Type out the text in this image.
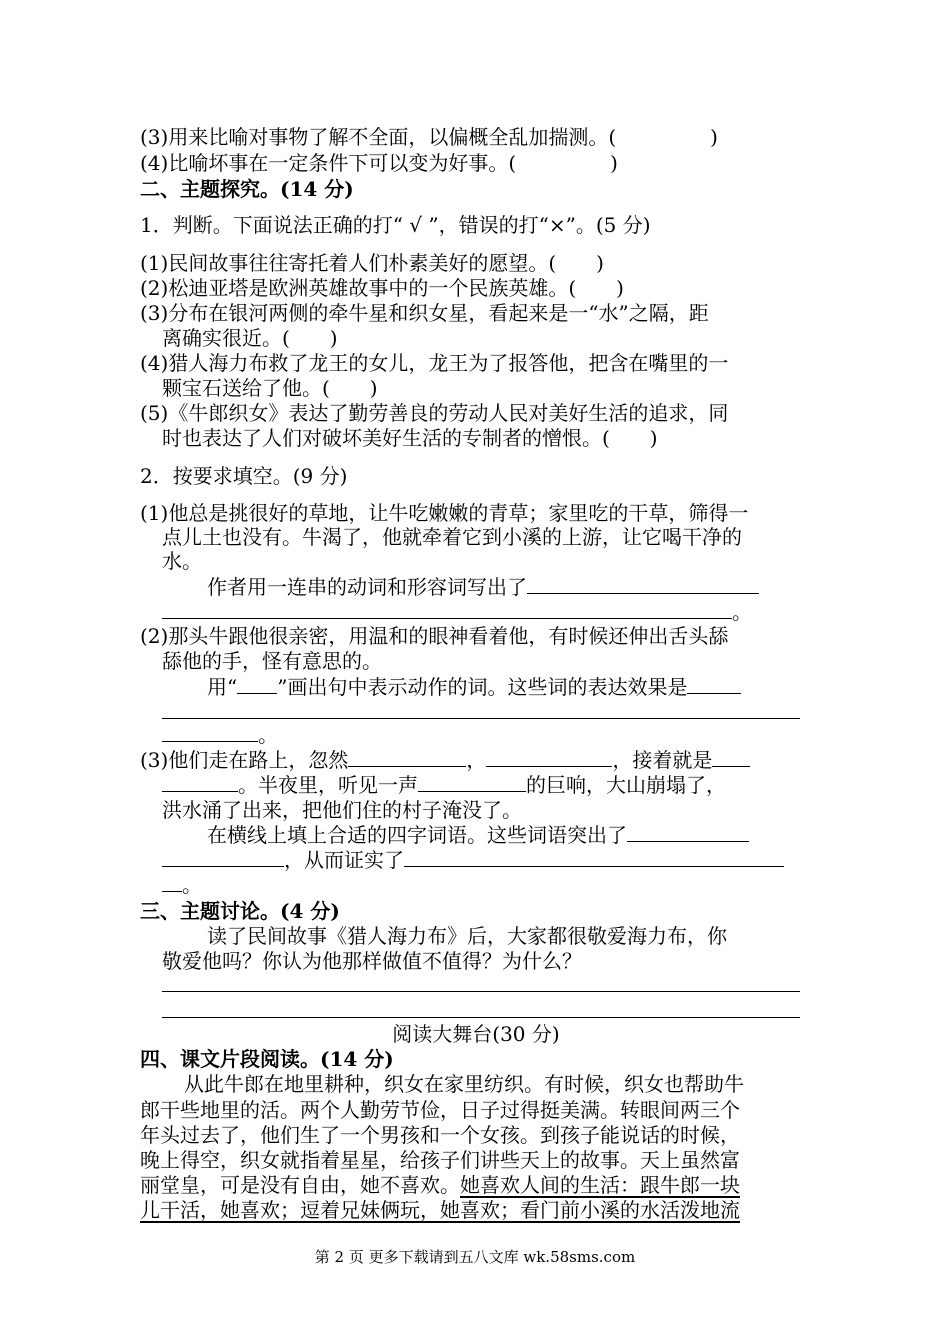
(3)用来比喻对事物了解不全面，以偏概全乱加揣测。(	)
(4)比喻坏事在一定条件下可以变为好事。(	)
二、主题探究。(14 分)
1．判断。下面说法正确的打“ √ ”，错误的打“×”。(5 分)
(1)民间故事往往寄托着人们朴素美好的愿望。(　　)
(2)松迪亚塔是欧洲英雄故事中的一个民族英雄。(　　)
(3)分布在银河两侧的牵牛星和织女星，看起来是一“水”之隔，距
离确实很近。(　　)
(4)猎人海力布救了龙王的女儿，龙王为了报答他，把含在嘴里的一
颗宝石送给了他。(　　)
(5)《牛郎织女》表达了勤劳善良的劳动人民对美好生活的追求，同
时也表达了人们对破坏美好生活的专制者的憎恨。(　　)
2．按要求填空。(9 分)
(1)他总是挑很好的草地，让牛吃嫩嫩的青草；家里吃的干草，筛得一
点儿土也没有。牛渴了，他就牵着它到小溪的上游，让它喝干净的
水。
作者用一连串的动词和形容词写出了
。
(2)那头牛跟他很亲密，用温和的眼神看着他，有时候还伸出舌头舔
舔他的手，怪有意思的。
用“ ”画出句中表示动作的词。这些词的表达效果是
。
(3)他们走在路上，忽然	，	，接着就是
。半夜里，听见一声	的巨响，大山崩塌了，
洪水涌了出来，把他们住的村子淹没了。
在横线上填上合适的四字词语。这些词语突出了
，从而证实了
。
三、主题讨论。(4 分)
读了民间故事《猎人海力布》后，大家都很敬爱海力布，你
敬爱他吗？你认为他那样做值不值得？为什么？
阅读大舞台(30 分)
四、课文片段阅读。(14 分)
从此牛郎在地里耕种，织女在家里纺织。有时候，织女也帮助牛
郎干些地里的活。两个人勤劳节俭，日子过得挺美满。转眼间两三个
年头过去了，他们生了一个男孩和一个女孩。到孩子能说话的时候，
晚上得空，织女就指着星星，给孩子们讲些天上的故事。天上虽然富
丽堂皇，可是没有自由，她不喜欢。她喜欢人间的生活：跟牛郎一块
儿干活，她喜欢；逗着兄妹俩玩，她喜欢；看门前小溪的水活泼地流
第 2 页 更多下载请到五八文库 wk.58sms.com
